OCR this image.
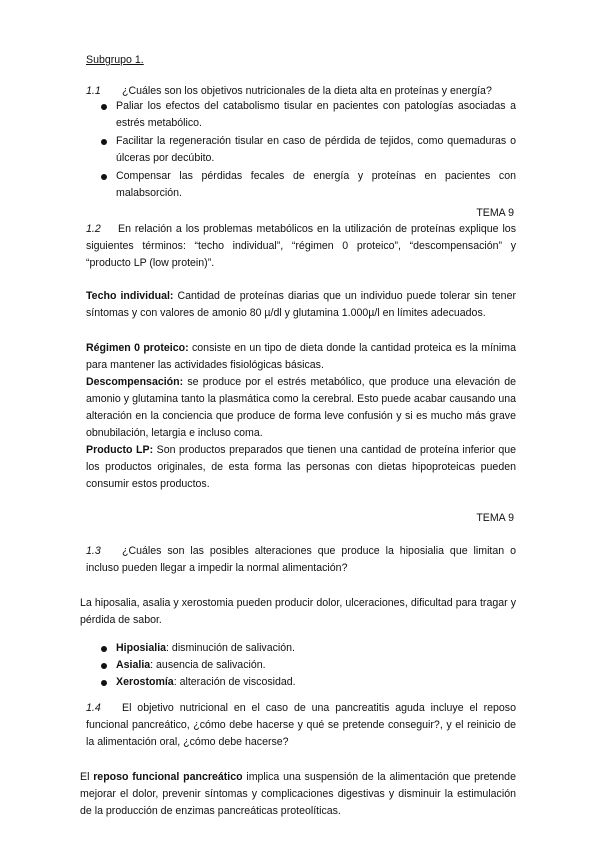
Subgrupo 1.
1.1 ¿Cuáles son los objetivos nutricionales de la dieta alta en proteínas y energía?
Paliar los efectos del catabolismo tisular en pacientes con patologías asociadas a estrés metabólico.
Facilitar la regeneración tisular en caso de pérdida de tejidos, como quemaduras o úlceras por decúbito.
Compensar las pérdidas fecales de energía y proteínas en pacientes con malabsorción.
TEMA 9
1.2 En relación a los problemas metabólicos en la utilización de proteínas explique los siguientes términos: “techo individual”, “régimen 0 proteico”, “descompensación” y “producto LP (low protein)”.
Techo individual: Cantidad de proteínas diarias que un individuo puede tolerar sin tener síntomas y con valores de amonio 80 µ/dl y glutamina 1.000µ/l en límites adecuados.
Régimen 0 proteico: consiste en un tipo de dieta donde la cantidad proteica es la mínima para mantener las actividades fisiológicas básicas.
Descompensación: se produce por el estrés metabólico, que produce una elevación de amonio y glutamina tanto la plasmática como la cerebral. Esto puede acabar causando una alteración en la conciencia que produce de forma leve confusión y si es mucho más grave obnubilación, letargia e incluso coma.
Producto LP: Son productos preparados que tienen una cantidad de proteína inferior que los productos originales, de esta forma las personas con dietas hipoproteicas pueden consumir estos productos.
TEMA 9
1.3 ¿Cuáles son las posibles alteraciones que produce la hiposialia que limitan o incluso pueden llegar a impedir la normal alimentación?
La hiposalia, asalia y xerostomia pueden producir dolor, ulceraciones, dificultad para tragar y pérdida de sabor.
Hiposialia: disminución de salivación.
Asialia: ausencia de salivación.
Xerostomía: alteración de viscosidad.
1.4 El objetivo nutricional en el caso de una pancreatitis aguda incluye el reposo funcional pancreático, ¿cómo debe hacerse y qué se pretende conseguir?, y el reinicio de la alimentación oral, ¿cómo debe hacerse?
El reposo funcional pancreático implica una suspensión de la alimentación que pretende mejorar el dolor, prevenir síntomas y complicaciones digestivas y disminuir la estimulación de la producción de enzimas pancreáticas proteolíticas.
